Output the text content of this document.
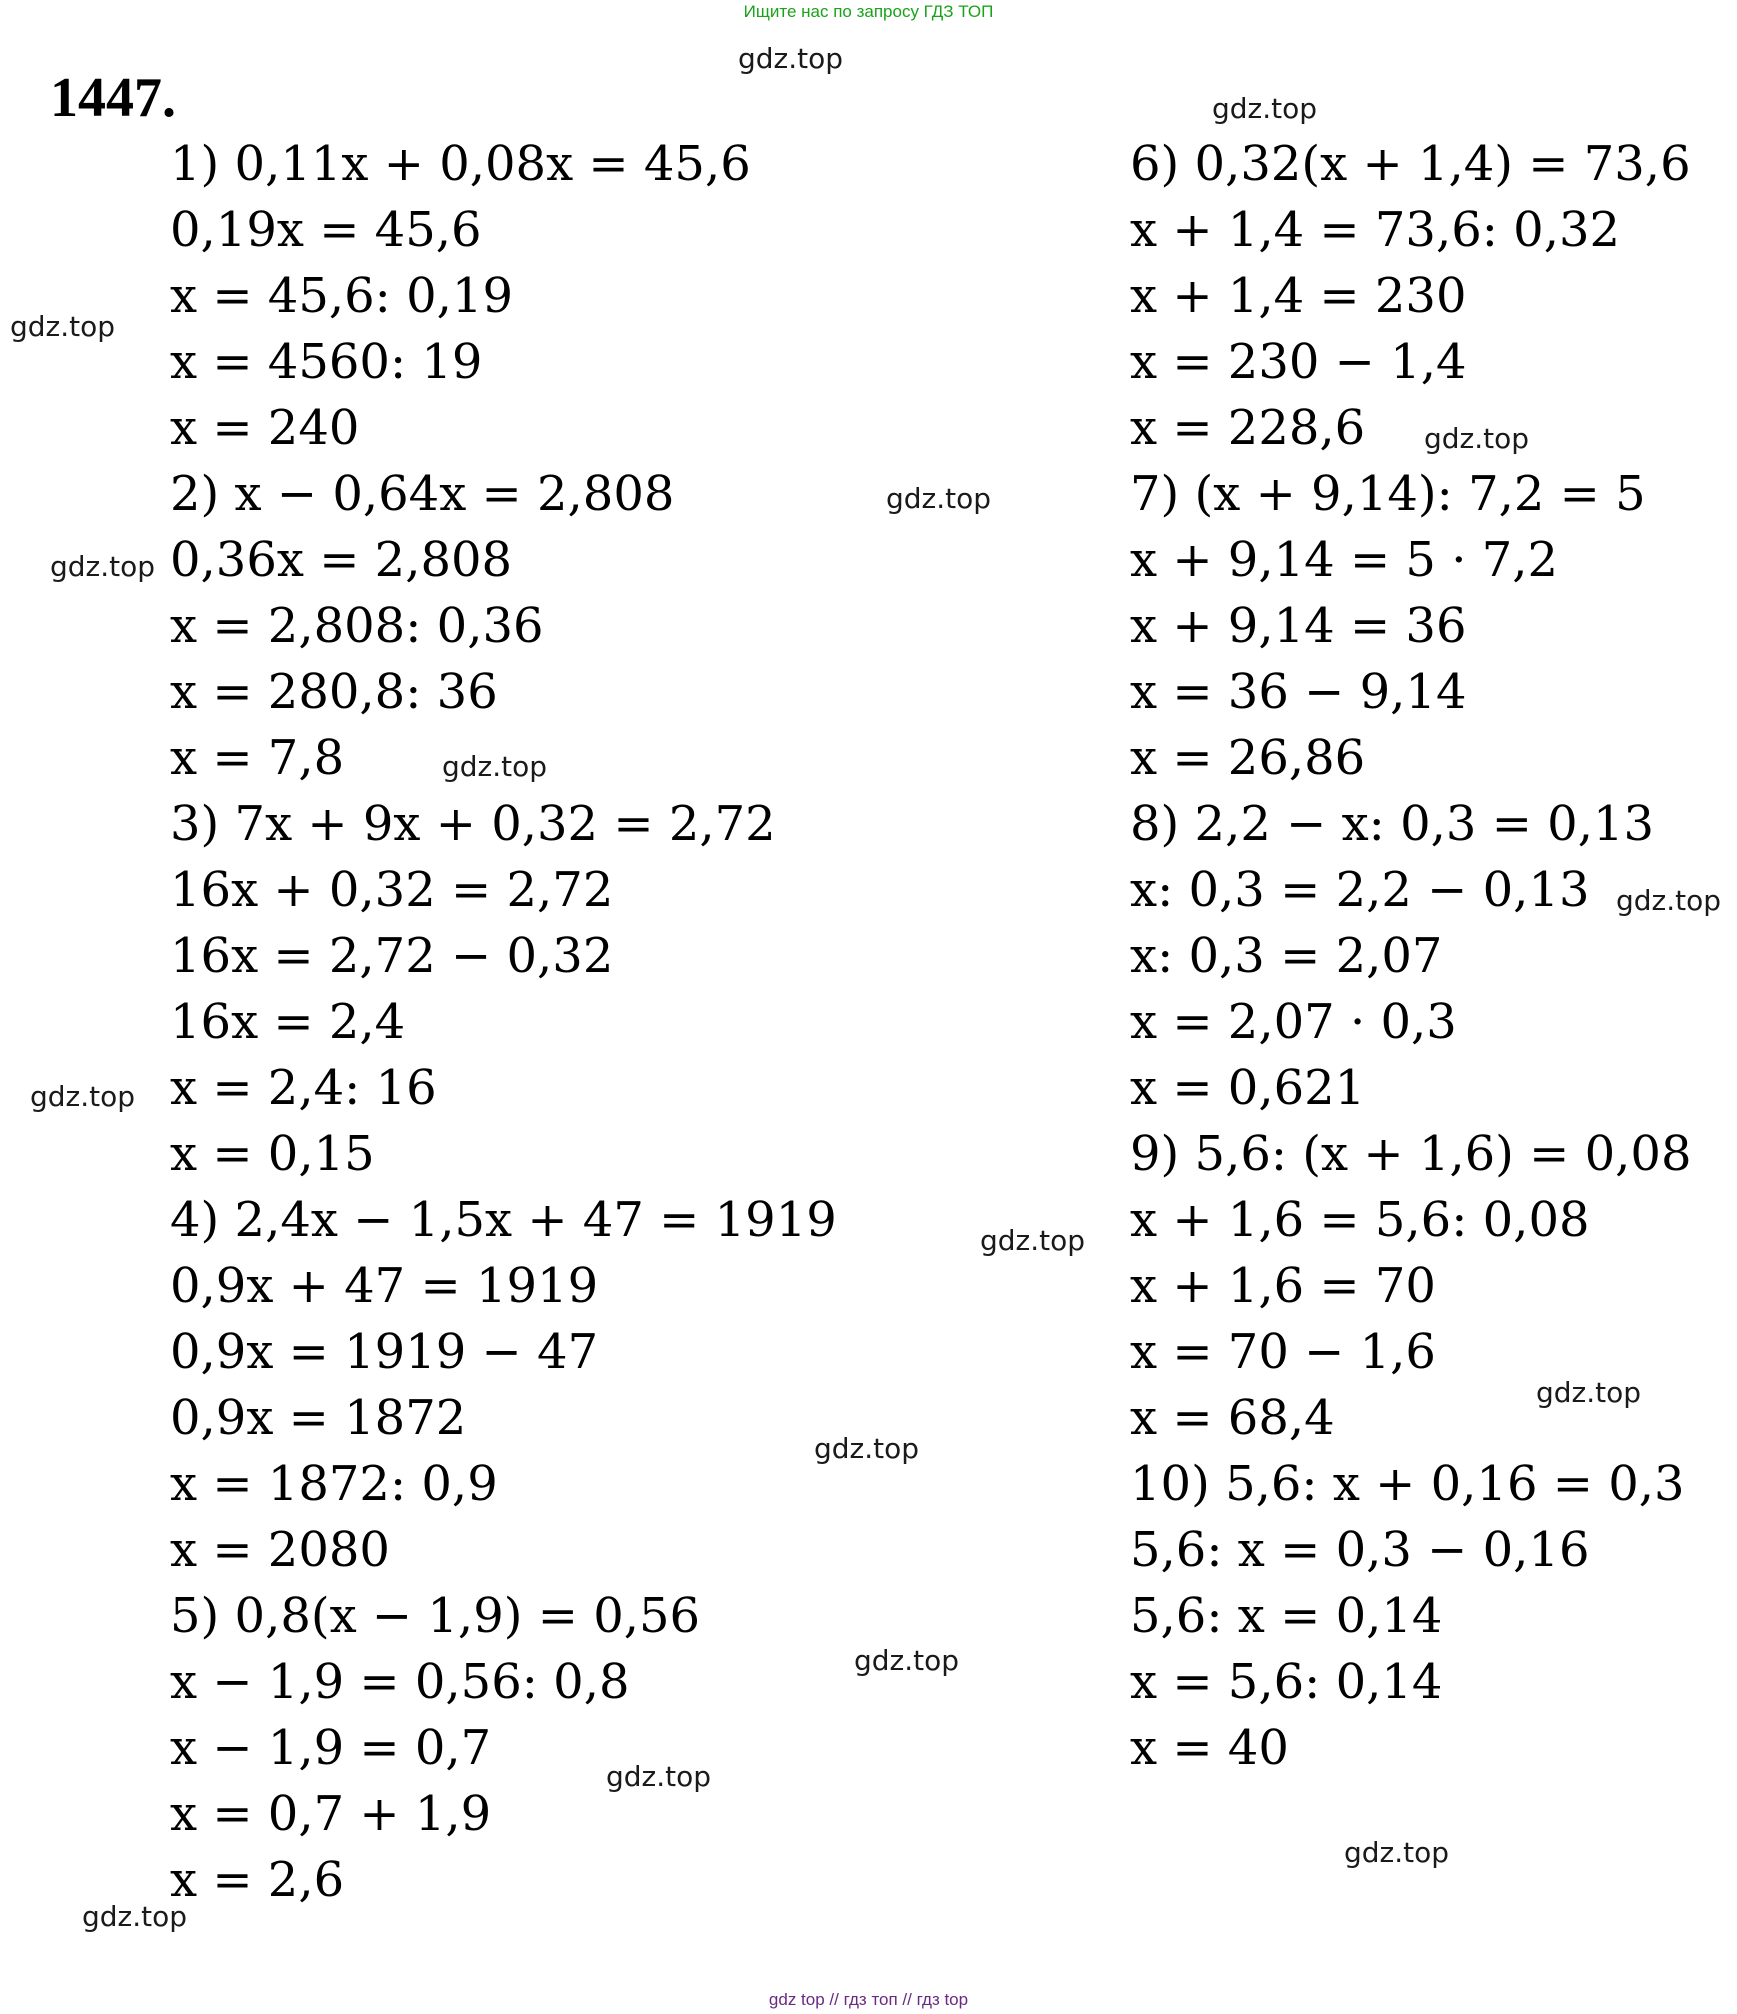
Ищите нас по запросу ГДЗ ТОП
1447.
1) 0,11x + 0,08x = 45,6
0,19x = 45,6
x = 45,6: 0,19
x = 4560: 19
x = 240
2) x − 0,64x = 2,808
0,36x = 2,808
x = 2,808: 0,36
x = 280,8: 36
x = 7,8
3) 7x + 9x + 0,32 = 2,72
16x + 0,32 = 2,72
16x = 2,72 − 0,32
16x = 2,4
x = 2,4: 16
x = 0,15
4) 2,4x − 1,5x + 47 = 1919
0,9x + 47 = 1919
0,9x = 1919 − 47
0,9x = 1872
x = 1872: 0,9
x = 2080
5) 0,8(x − 1,9) = 0,56
x − 1,9 = 0,56: 0,8
x − 1,9 = 0,7
x = 0,7 + 1,9
x = 2,6
6) 0,32(x + 1,4) = 73,6
x + 1,4 = 73,6: 0,32
x + 1,4 = 230
x = 230 − 1,4
x = 228,6
7) (x + 9,14): 7,2 = 5
x + 9,14 = 5 · 7,2
x + 9,14 = 36
x = 36 − 9,14
x = 26,86
8) 2,2 − x: 0,3 = 0,13
x: 0,3 = 2,2 − 0,13
x: 0,3 = 2,07
x = 2,07 · 0,3
x = 0,621
9) 5,6: (x + 1,6) = 0,08
x + 1,6 = 5,6: 0,08
x + 1,6 = 70
x = 70 − 1,6
x = 68,4
10) 5,6: x + 0,16 = 0,3
5,6: x = 0,3 − 0,16
5,6: x = 0,14
x = 5,6: 0,14
x = 40
gdz.top
gdz.top
gdz.top
gdz.top
gdz.top
gdz.top
gdz.top
gdz.top
gdz.top
gdz.top
gdz.top
gdz.top
gdz.top
gdz.top
gdz.top
gdz.top
gdz top // гдз топ // гдз top
